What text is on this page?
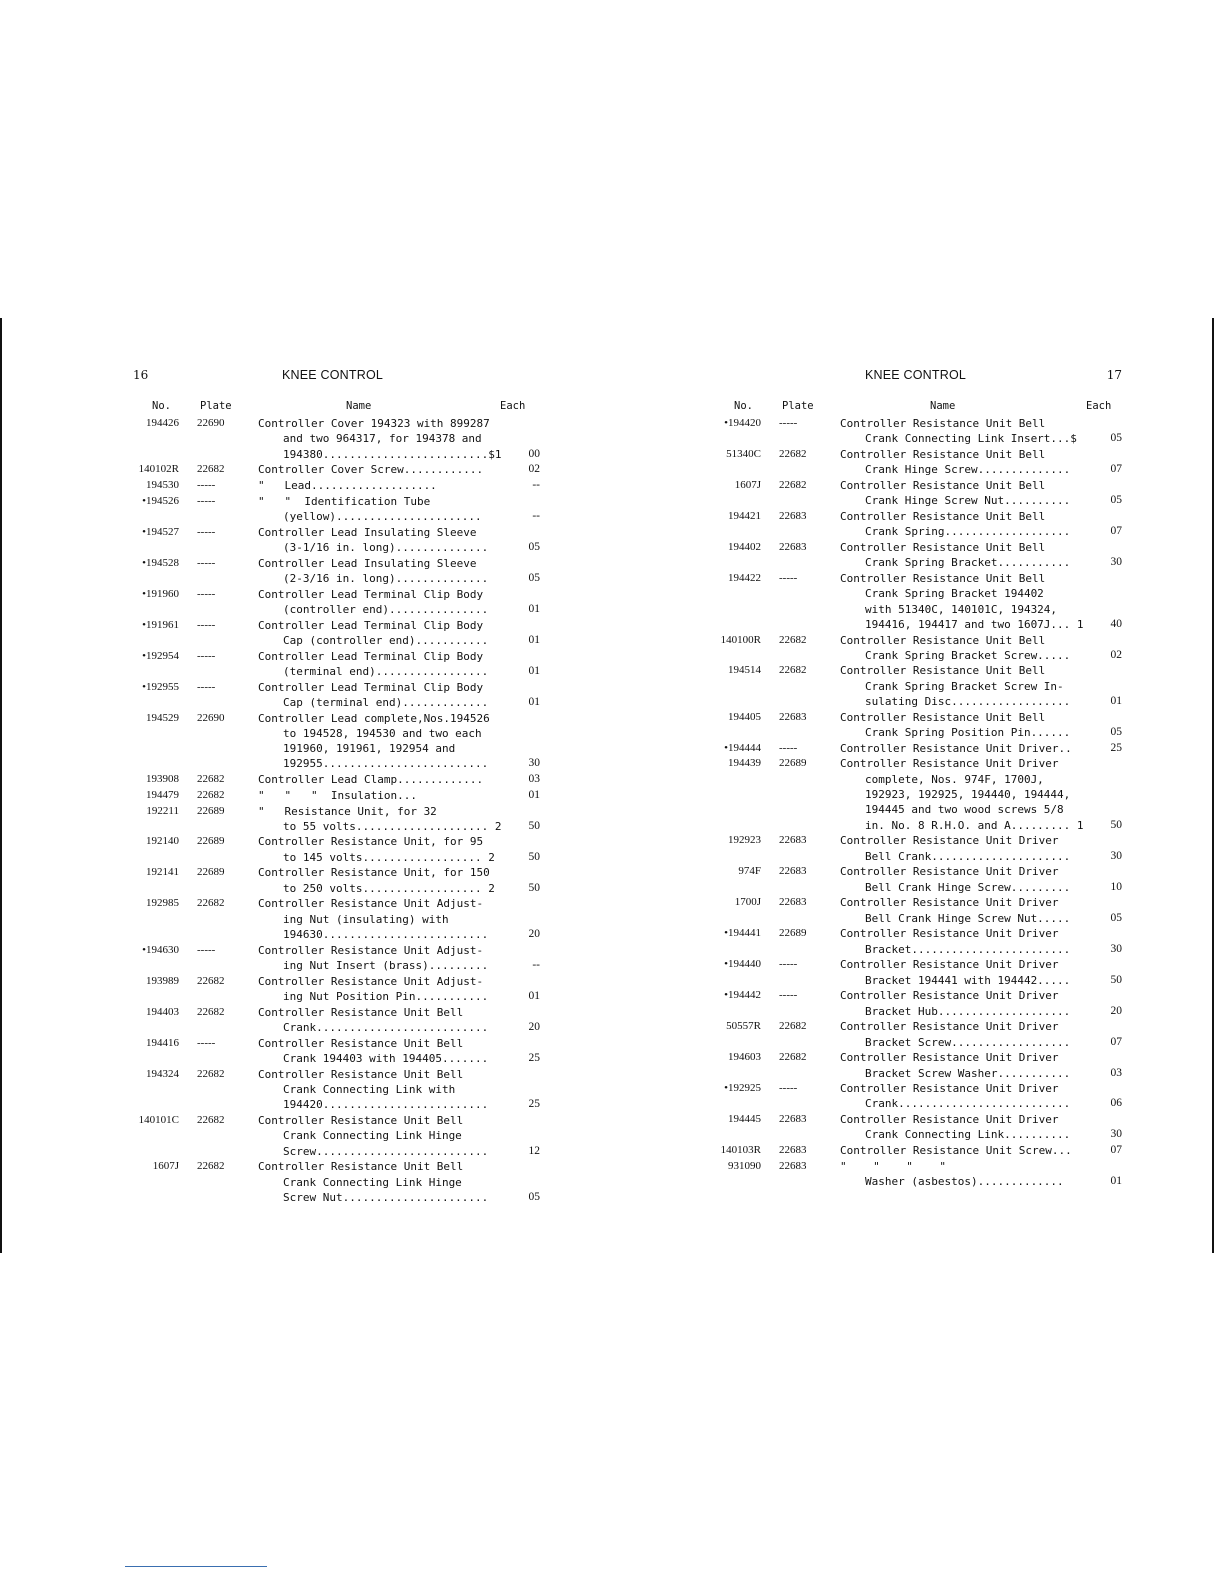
16	KNEE CONTROL
No.	Plate	Name	Each
194426 22690	Controller Cover 194323 with 899287
and two 964317, for 194378 and
194380.........................$1	00
140102R 22682	Controller Cover Screw............	02
194530 -----	"   Lead...................	--
•194526 -----	"   "  Identification Tube
(yellow)......................	--
•194527 -----	Controller Lead Insulating Sleeve
(3-1/16 in. long)..............	05
•194528 -----	Controller Lead Insulating Sleeve
(2-3/16 in. long)..............	05
•191960 -----	Controller Lead Terminal Clip Body
(controller end)...............	01
•191961 -----	Controller Lead Terminal Clip Body
Cap (controller end)...........	01
•192954 -----	Controller Lead Terminal Clip Body
(terminal end).................	01
•192955 -----	Controller Lead Terminal Clip Body
Cap (terminal end).............	01
194529 22690	Controller Lead complete,Nos.194526
to 194528, 194530 and two each
191960, 191961, 192954 and
192955.........................	30
193908 22682	Controller Lead Clamp.............	03
194479 22682	"   "   "  Insulation...	01
192211 22689	"   Resistance Unit, for 32
to 55 volts.................... 2	50
192140 22689	Controller Resistance Unit, for 95
to 145 volts.................. 2	50
192141 22689	Controller Resistance Unit, for 150
to 250 volts.................. 2	50
192985 22682	Controller Resistance Unit Adjust-
ing Nut (insulating) with
194630.........................	20
•194630 -----	Controller Resistance Unit Adjust-
ing Nut Insert (brass).........	--
193989 22682	Controller Resistance Unit Adjust-
ing Nut Position Pin...........	01
194403 22682	Controller Resistance Unit Bell
Crank..........................	20
194416 -----	Controller Resistance Unit Bell
Crank 194403 with 194405.......	25
194324 22682	Controller Resistance Unit Bell
Crank Connecting Link with
194420.........................	25
140101C 22682	Controller Resistance Unit Bell
Crank Connecting Link Hinge
Screw..........................	12
1607J 22682	Controller Resistance Unit Bell
Crank Connecting Link Hinge
Screw Nut......................	05
KNEE CONTROL	17
No.	Plate	Name	Each
•194420 -----	Controller Resistance Unit Bell
Crank Connecting Link Insert...$	05
51340C 22682	Controller Resistance Unit Bell
Crank Hinge Screw..............	07
1607J 22682	Controller Resistance Unit Bell
Crank Hinge Screw Nut..........	05
194421 22683	Controller Resistance Unit Bell
Crank Spring...................	07
194402 22683	Controller Resistance Unit Bell
Crank Spring Bracket...........	30
194422 -----	Controller Resistance Unit Bell
Crank Spring Bracket 194402
with 51340C, 140101C, 194324,
194416, 194417 and two 1607J... 1	40
140100R 22682	Controller Resistance Unit Bell
Crank Spring Bracket Screw.....	02
194514 22682	Controller Resistance Unit Bell
Crank Spring Bracket Screw In-
sulating Disc..................	01
194405 22683	Controller Resistance Unit Bell
Crank Spring Position Pin......	05
•194444 -----	Controller Resistance Unit Driver..	25
194439 22689	Controller Resistance Unit Driver
complete, Nos. 974F, 1700J,
192923, 192925, 194440, 194444,
194445 and two wood screws 5/8
in. No. 8 R.H.O. and A......... 1	50
192923 22683	Controller Resistance Unit Driver
Bell Crank.....................	30
974F 22683	Controller Resistance Unit Driver
Bell Crank Hinge Screw.........	10
1700J 22683	Controller Resistance Unit Driver
Bell Crank Hinge Screw Nut.....	05
•194441 22689	Controller Resistance Unit Driver
Bracket........................	30
•194440 -----	Controller Resistance Unit Driver
Bracket 194441 with 194442.....	50
•194442 -----	Controller Resistance Unit Driver
Bracket Hub....................	20
50557R 22682	Controller Resistance Unit Driver
Bracket Screw..................	07
194603 22682	Controller Resistance Unit Driver
Bracket Screw Washer...........	03
•192925 -----	Controller Resistance Unit Driver
Crank..........................	06
194445 22683	Controller Resistance Unit Driver
Crank Connecting Link..........	30
140103R 22683	Controller Resistance Unit Screw...	07
931090 22683	"    "    "    "
Washer (asbestos).............	01
